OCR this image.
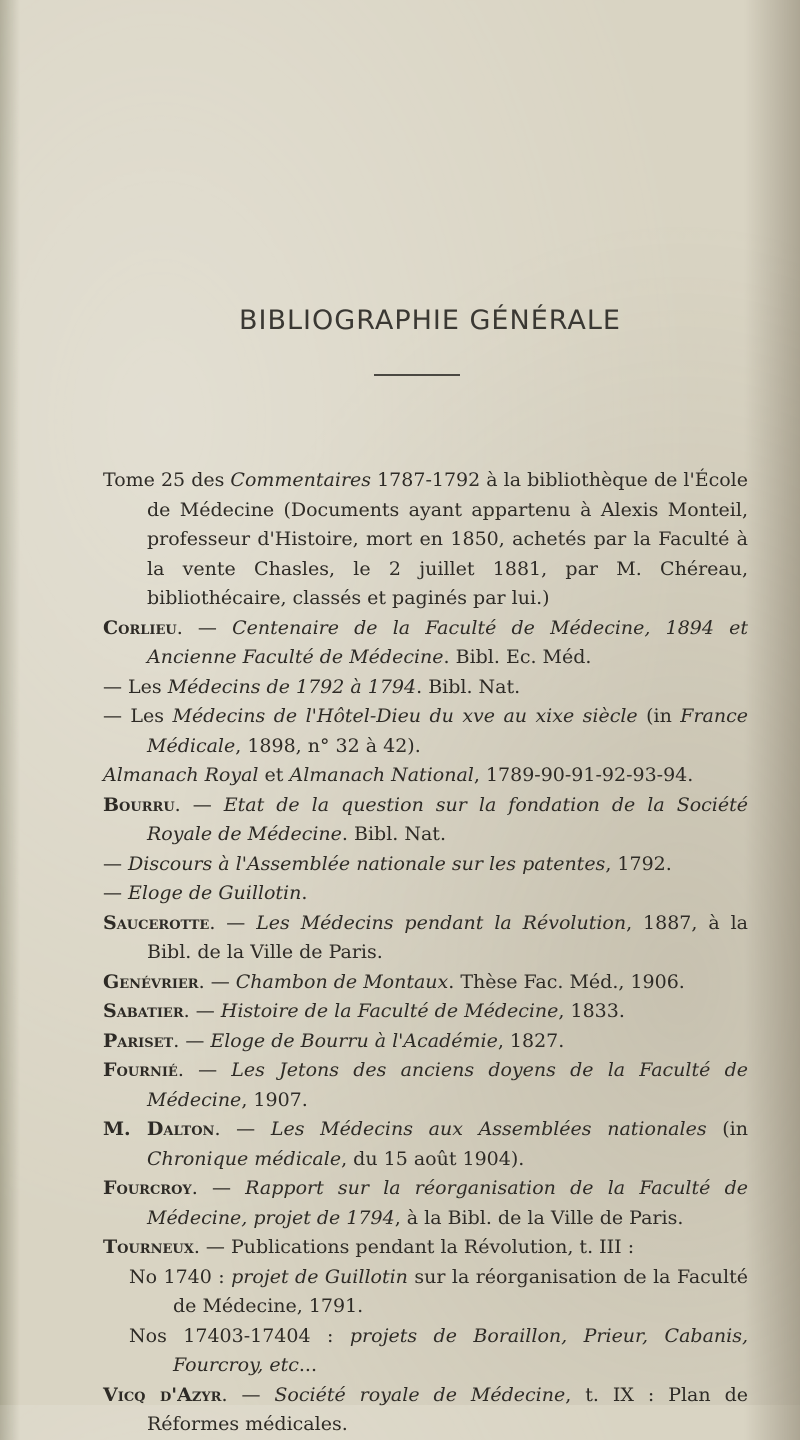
BIBLIOGRAPHIE GÉNÉRALE

Tome 25 des Commentaires 1787-1792 à la bibliothèque de l'École de Médecine (Documents ayant appartenu à Alexis Monteil, professeur d'Histoire, mort en 1850, achetés par la Faculté à la vente Chasles, le 2 juillet 1881, par M. Chéreau, bibliothécaire, classés et paginés par lui.)

Corlieu. — Centenaire de la Faculté de Médecine, 1894 et Ancienne Faculté de Médecine. Bibl. Ec. Méd.

— Les Médecins de 1792 à 1794. Bibl. Nat.

— Les Médecins de l'Hôtel-Dieu du xve au xixe siècle (in France Médicale, 1898, n° 32 à 42).

Almanach Royal et Almanach National, 1789-90-91-92-93-94.

Bourru. — Etat de la question sur la fondation de la Société Royale de Médecine. Bibl. Nat.

— Discours à l'Assemblée nationale sur les patentes, 1792.

— Eloge de Guillotin.

Saucerotte. — Les Médecins pendant la Révolution, 1887, à la Bibl. de la Ville de Paris.

Genévrier. — Chambon de Montaux. Thèse Fac. Méd., 1906.

Sabatier. — Histoire de la Faculté de Médecine, 1833.

Pariset. — Eloge de Bourru à l'Académie, 1827.

Fournié. — Les Jetons des anciens doyens de la Faculté de Médecine, 1907.

M. Dalton. — Les Médecins aux Assemblées nationales (in Chronique médicale, du 15 août 1904).

Fourcroy. — Rapport sur la réorganisation de la Faculté de Médecine, projet de 1794, à la Bibl. de la Ville de Paris.

Tourneux. — Publications pendant la Révolution, t. III :

No 1740 : projet de Guillotin sur la réorganisation de la Faculté de Médecine, 1791.

Nos 17403-17404 : projets de Boraillon, Prieur, Cabanis, Fourcroy, etc...

Vicq d'Azyr. — Société royale de Médecine, t. IX : Plan de Réformes médicales.
